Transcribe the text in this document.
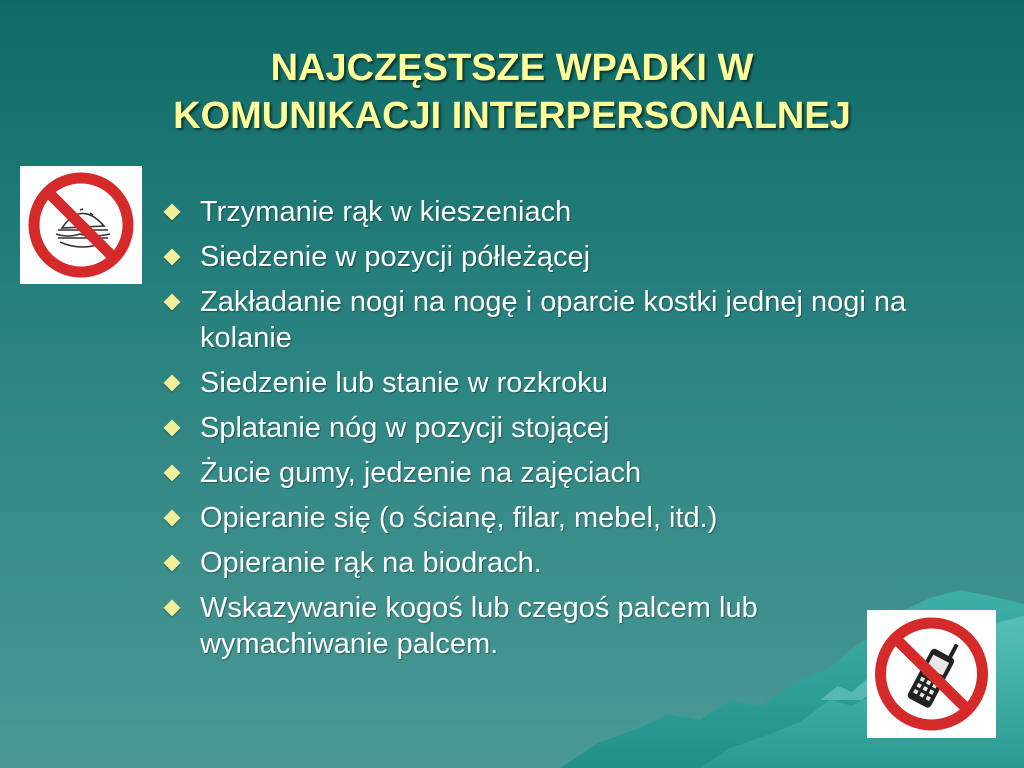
NAJCZĘSTSZE WPADKI W
KOMUNIKACJI INTERPERSONALNEJ
Trzymanie rąk w kieszeniach
Siedzenie w pozycji półleżącej
Zakładanie nogi na nogę i oparcie kostki jednej nogi na kolanie
Siedzenie lub stanie w rozkroku
Splatanie nóg w pozycji stojącej
Żucie gumy, jedzenie na zajęciach
Opieranie się (o ścianę, filar, mebel, itd.)
Opieranie rąk na biodrach.
Wskazywanie kogoś lub czegoś palcem lub wymachiwanie palcem.
